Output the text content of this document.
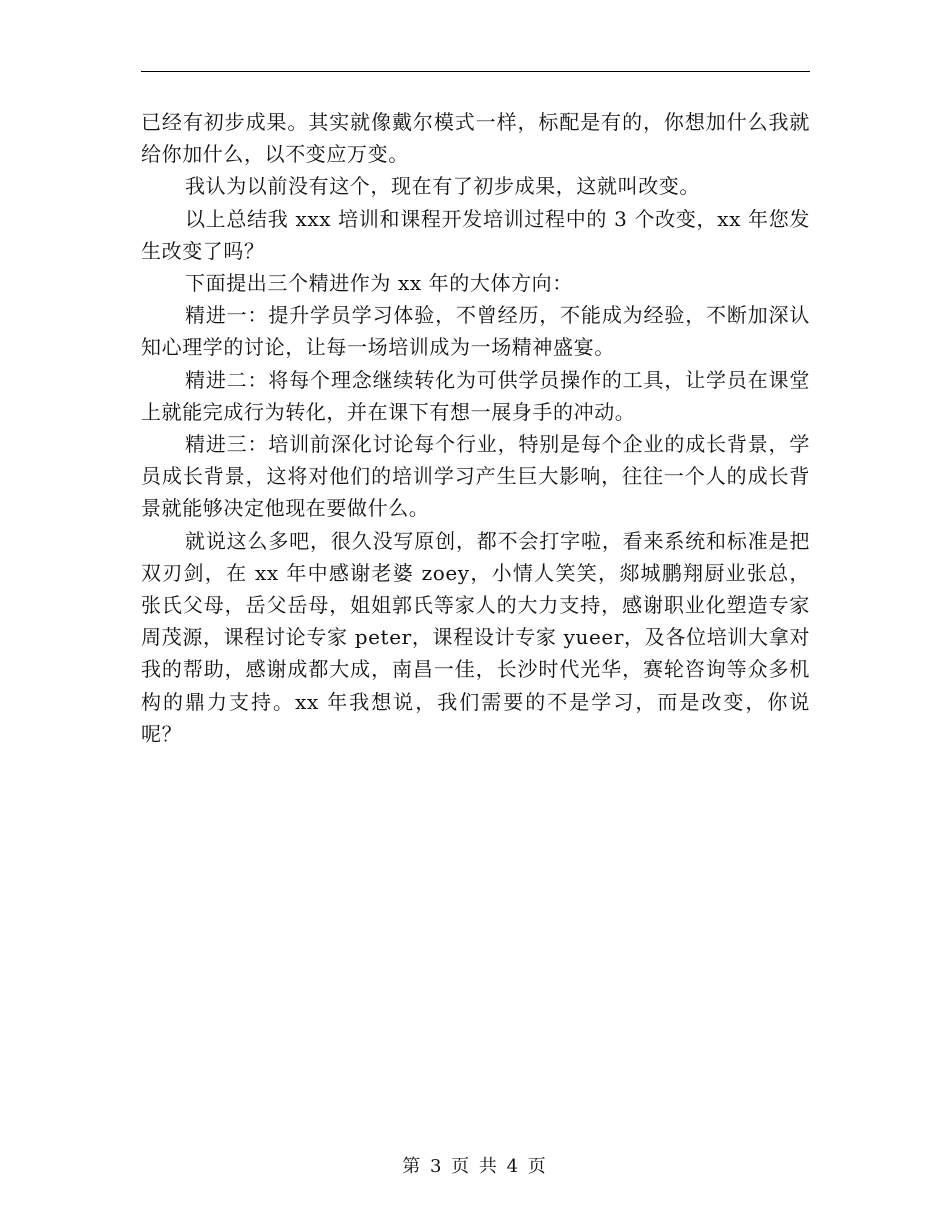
已经有初步成果。其实就像戴尔模式一样，标配是有的，你想加什么我就给你加什么，以不变应万变。

我认为以前没有这个，现在有了初步成果，这就叫改变。

以上总结我 xxx 培训和课程开发培训过程中的 3 个改变，xx 年您发生改变了吗？

下面提出三个精进作为 xx 年的大体方向：

精进一：提升学员学习体验，不曾经历，不能成为经验，不断加深认知心理学的讨论，让每一场培训成为一场精神盛宴。

精进二：将每个理念继续转化为可供学员操作的工具，让学员在课堂上就能完成行为转化，并在课下有想一展身手的冲动。

精进三：培训前深化讨论每个行业，特别是每个企业的成长背景，学员成长背景，这将对他们的培训学习产生巨大影响，往往一个人的成长背景就能够决定他现在要做什么。

就说这么多吧，很久没写原创，都不会打字啦，看来系统和标准是把双刃剑，在 xx 年中感谢老婆 zoey，小情人笑笑，郯城鹏翔厨业张总，张氏父母，岳父岳母，姐姐郭氏等家人的大力支持，感谢职业化塑造专家周茂源，课程讨论专家 peter，课程设计专家 yueer，及各位培训大拿对我的帮助，感谢成都大成，南昌一佳，长沙时代光华，赛轮咨询等众多机构的鼎力支持。xx 年我想说，我们需要的不是学习，而是改变，你说呢？

第 3 页 共 4 页
